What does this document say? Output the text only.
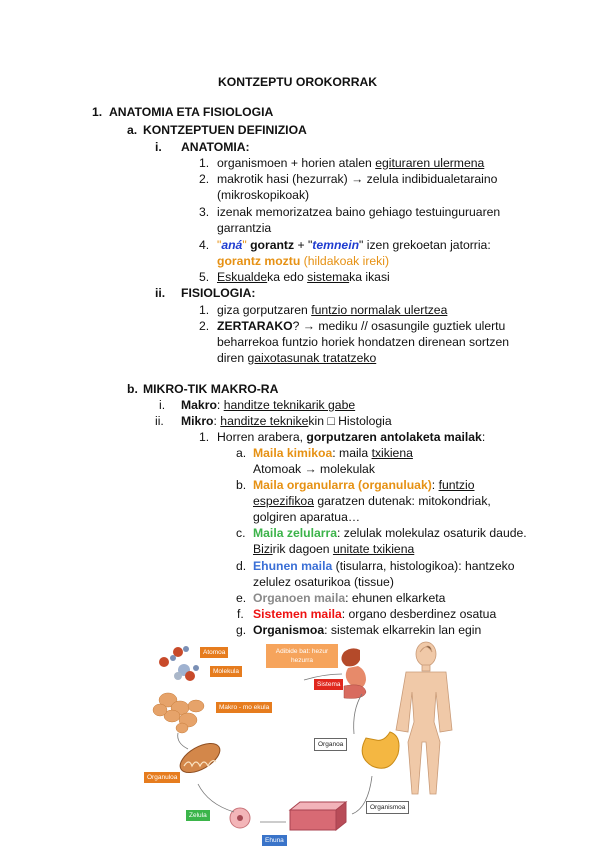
KONTZEPTU OROKORRAK
1. ANATOMIA ETA FISIOLOGIA
a. KONTZEPTUEN DEFINIZIOA
i. ANATOMIA:
1. organismoen + horien atalen egituraren ulermena
2. makrotik hasi (hezurrak) → zelula indibidualetaraino
(mikroskopikoak)
3. izenak memorizatzea baino gehiago testuinguruaren
garrantzia
4. "aná" gorantz + "temnein" izen grekoetan jatorria:
gorantz moztu (hildakoak ireki)
5. Eskualdeka edo sistemaka ikasi
ii. FISIOLOGIA:
1. giza gorputzaren funtzio normalak ulertzea
2. ZERTARAKO? → mediku // osasungile guztiek ulertu
beharrekoa funtzio horiek hondatzen direnean sortzen
diren gaixotasunak tratatzeko
b. MIKRO-TIK MAKRO-RA
i. Makro: handitze teknikarik gabe
ii. Mikro: handitze teknikekin □ Histologia
1. Horren arabera, gorputzaren antolaketa mailak:
a. Maila kimikoa: maila txikiena
Atomoak → molekulak
b. Maila organularra (organuluak): funtzio
espezifikoa garatzen dutenak: mitokondriak,
golgiren aparatua…
c. Maila zelularra: zelulak molekulaz osaturik daude.
Bizirik dagoen unitate txikiena
d. Ehunen maila (tisularra, histologikoa): hantzeko
zelulez osaturikoa (tissue)
e. Organoen maila: ehunen elkarketa
f. Sistemen maila: organo desberdinez osatua
g. Organismoa: sistemak elkarrekin lan egin
Atomoa
Molekula
Makro - mo ekula
Organuloa
Zelula
Ehuna
Organoa
Sistema
Organismoa
Adibide bat: hezur hezurra
